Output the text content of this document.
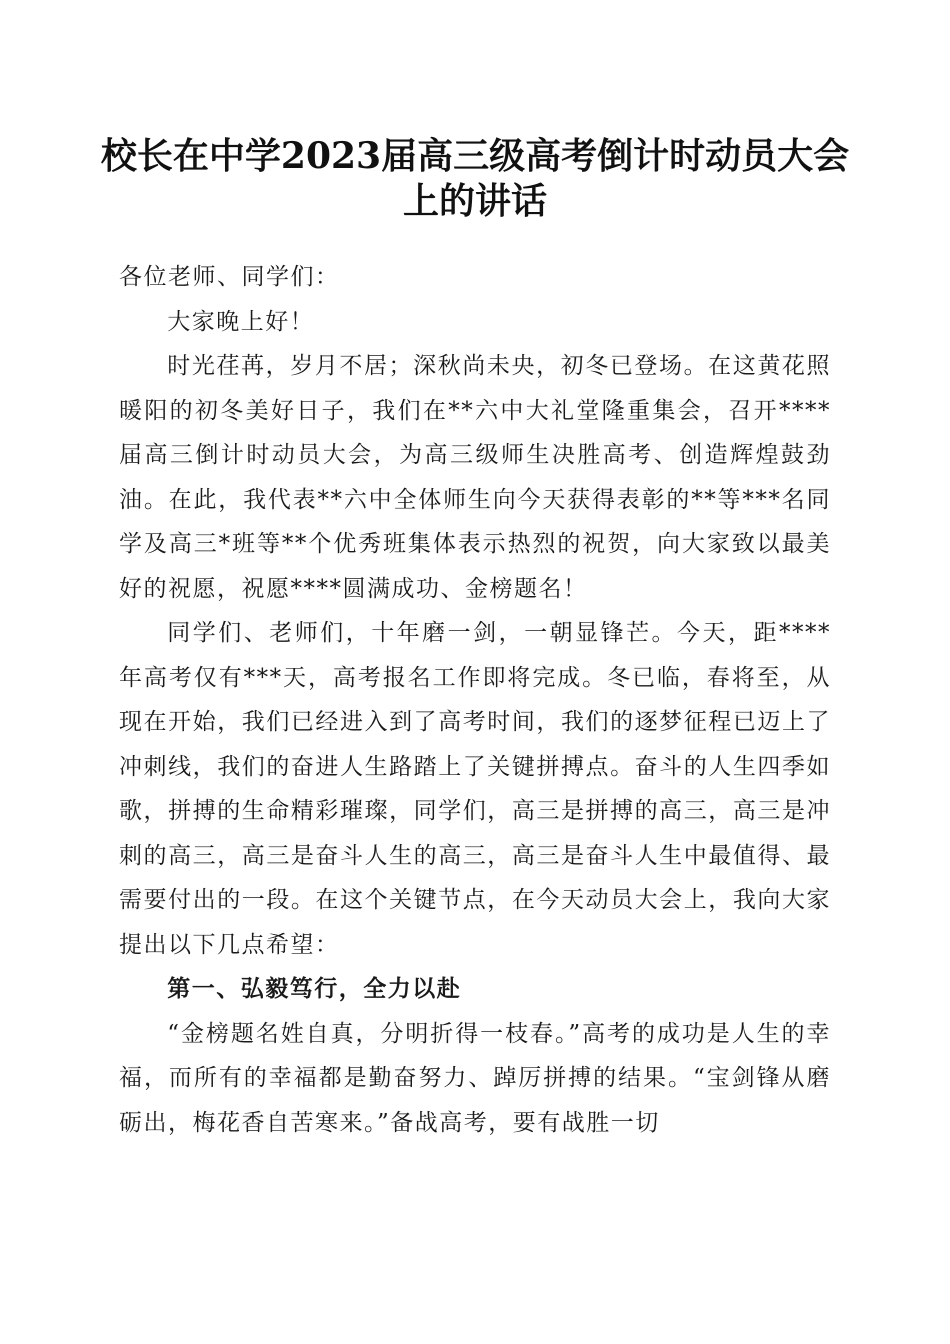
校长在中学2023届高三级高考倒计时动员大会上的讲话

各位老师、同学们：

大家晚上好！

时光荏苒，岁月不居；深秋尚未央，初冬已登场。在这黄花照暖阳的初冬美好日子，我们在**六中大礼堂隆重集会，召开****届高三倒计时动员大会，为高三级师生决胜高考、创造辉煌鼓劲油。在此，我代表**六中全体师生向今天获得表彰的**等***名同学及高三*班等**个优秀班集体表示热烈的祝贺，向大家致以最美好的祝愿，祝愿****圆满成功、金榜题名！

同学们、老师们，十年磨一剑，一朝显锋芒。今天，距****年高考仅有***天，高考报名工作即将完成。冬已临，春将至，从现在开始，我们已经进入到了高考时间，我们的逐梦征程已迈上了冲刺线，我们的奋进人生路踏上了关键拼搏点。奋斗的人生四季如歌，拼搏的生命精彩璀璨，同学们，高三是拼搏的高三，高三是冲刺的高三，高三是奋斗人生的高三，高三是奋斗人生中最值得、最需要付出的一段。在这个关键节点，在今天动员大会上，我向大家提出以下几点希望：

第一、弘毅笃行，全力以赴

“金榜题名姓自真，分明折得一枝春。”高考的成功是人生的幸福，而所有的幸福都是勤奋努力、踔厉拼搏的结果。“宝剑锋从磨砺出，梅花香自苦寒来。”备战高考，要有战胜一切
